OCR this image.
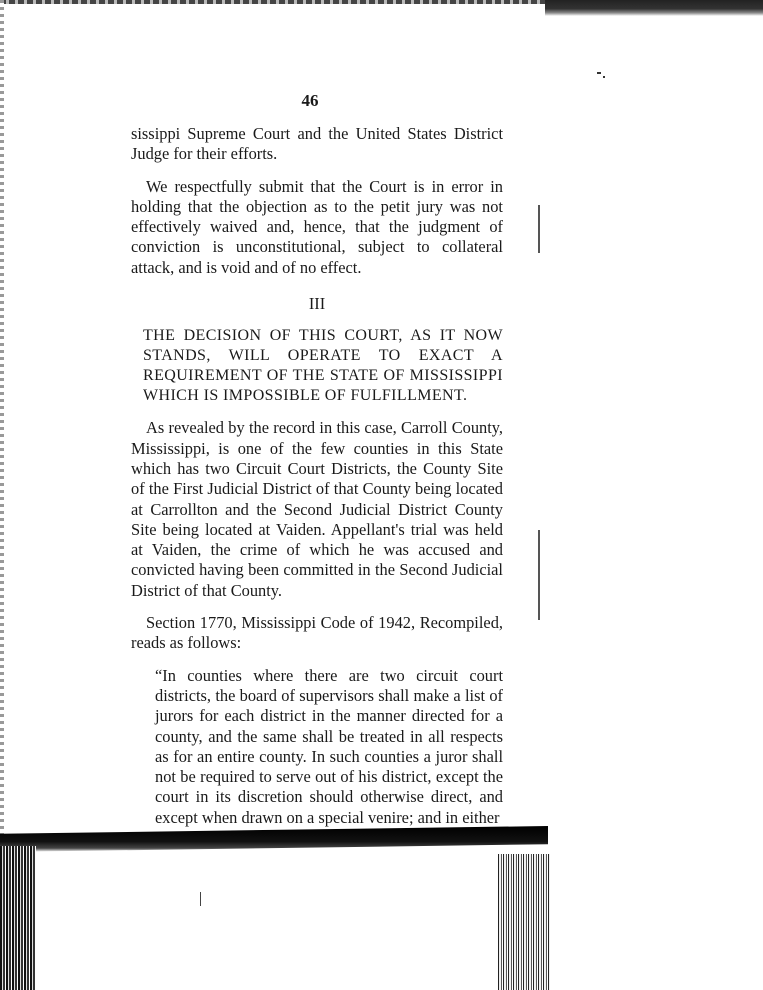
46

sissippi Supreme Court and the United States District Judge for their efforts.

We respectfully submit that the Court is in error in holding that the objection as to the petit jury was not effectively waived and, hence, that the judgment of conviction is unconstitutional, subject to collateral attack, and is void and of no effect.

III

THE DECISION OF THIS COURT, AS IT NOW STANDS, WILL OPERATE TO EXACT A REQUIREMENT OF THE STATE OF MISSISSIPPI WHICH IS IMPOSSIBLE OF FULFILLMENT.

As revealed by the record in this case, Carroll County, Mississippi, is one of the few counties in this State which has two Circuit Court Districts, the County Site of the First Judicial District of that County being located at Carrollton and the Second Judicial District County Site being located at Vaiden. Appellant's trial was held at Vaiden, the crime of which he was accused and convicted having been committed in the Second Judicial District of that County.

Section 1770, Mississippi Code of 1942, Recompiled, reads as follows:

“In counties where there are two circuit court districts, the board of supervisors shall make a list of jurors for each district in the manner directed for a county, and the same shall be treated in all respects as for an entire county. In such counties a juror shall not be required to serve out of his district, except the court in its discretion should otherwise direct, and except when drawn on a special venire; and in either
